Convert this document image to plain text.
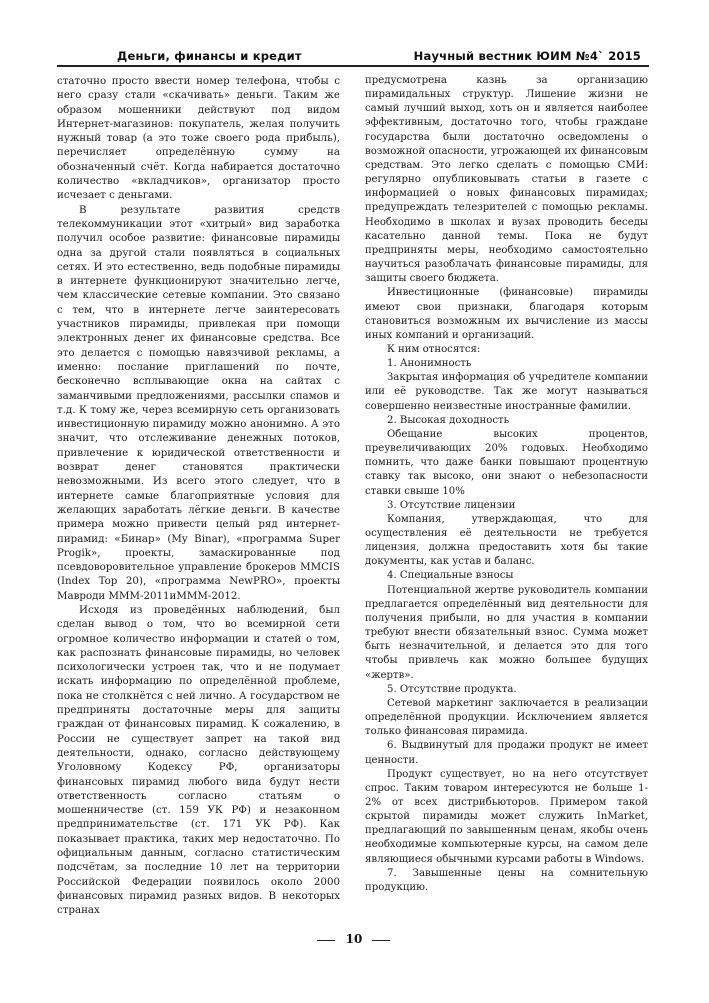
Деньги, финансы и кредит	Научный вестник ЮИМ №4` 2015

статочно просто ввести номер телефона, чтобы с него сразу стали «скачивать» деньги. Таким же образом мошенники действуют под видом Интернет-магазинов: покупатель, желая получить нужный товар (а это тоже своего рода прибыль), перечисляет определённую сумму на обозначенный счёт. Когда набирается достаточно количество «вкладчиков», организатор просто исчезает с деньгами.

В результате развития средств телекоммуникации этот «хитрый» вид заработка получил особое развитие: финансовые пирамиды одна за другой стали появляться в социальных сетях. И это естественно, ведь подобные пирамиды в интернете функционируют значительно легче, чем классические сетевые компании. Это связано с тем, что в интернете легче заинтересовать участников пирамиды, привлекая при помощи электронных денег их финансовые средства. Все это делается с помощью навязчивой рекламы, а именно: послание приглашений по почте, бесконечно всплывающие окна на сайтах с заманчивыми предложениями, рассылки спамов и т.д. К тому же, через всемирную сеть организовать инвестиционную пирамиду можно анонимно. А это значит, что отслеживание денежных потоков, привлечение к юридической ответственности и возврат денег становятся практически невозможными. Из всего этого следует, что в интернете самые благоприятные условия для желающих заработать лёгкие деньги. В качестве примера можно привести целый ряд интернет-пирамид: «Бинар» (My Binar), «программа Super Progik», проекты, замаскированные под псевдоворовительное управление брокеров MMCIS (Index Top 20), «программа NewPRO», проекты Мавроди МММ-2011иМММ-2012.

Исходя из проведённых наблюдений, был сделан вывод о том, что во всемирной сети огромное количество информации и статей о том, как распознать финансовые пирамиды, но человек психологически устроен так, что и не подумает искать информацию по определённой проблеме, пока не столкнётся с ней лично. А государством не предприняты достаточные меры для защиты граждан от финансовых пирамид. К сожалению, в России не существует запрет на такой вид деятельности, однако, согласно действующему Уголовному Кодексу РФ, организаторы финансовых пирамид любого вида будут нести ответственность согласно статьям о мошенничестве (ст. 159 УК РФ) и незаконном предпринимательстве (ст. 171 УК РФ). Как показывает практика, таких мер недостаточно. По официальным данным, согласно статистическим подсчётам, за последние 10 лет на территории Российской Федерации появилось около 2000 финансовых пирамид разных видов. В некоторых странах

предусмотрена казнь за организацию пирамидальных структур. Лишение жизни не самый лучший выход, хоть он и является наиболее эффективным, достаточно того, чтобы граждане государства были достаточно осведомлены о возможной опасности, угрожающей их финансовым средствам. Это легко сделать с помощью СМИ: регулярно опубликовывать статьи в газете с информацией о новых финансовых пирамидах; предупреждать телезрителей с помощью рекламы. Необходимо в школах и вузах проводить беседы касательно данной темы. Пока не будут предприняты меры, необходимо самостоятельно научиться разоблачать финансовые пирамиды, для защиты своего бюджета.

Инвестиционные (финансовые) пирамиды имеют свои признаки, благодаря которым становиться возможным их вычисление из массы иных компаний и организаций.

К ним относятся:

1. Анонимность

Закрытая информация об учредителе компании или её руководстве. Так же могут называться совершенно неизвестные иностранные фамилии.

2. Высокая доходность

Обещание высоких процентов, преувеличивающих 20% годовых. Необходимо помнить, что даже банки повышают процентную ставку так высоко, они знают о небезопасности ставки свыше 10%

3. Отсутствие лицензии

Компания, утверждающая, что для осуществления её деятельности не требуется лицензия, должна предоставить хотя бы такие документы, как устав и баланс.

4. Специальные взносы

Потенциальной жертве руководитель компании предлагается определённый вид деятельности для получения прибыли, но для участия в компании требуют внести обязательный взнос. Сумма может быть незначительной, и делается это для того чтобы привлечь как можно большее будущих «жертв».

5. Отсутствие продукта.

Сетевой маркетинг заключается в реализации определённой продукции. Исключением является только финансовая пирамида.

6. Выдвинутый для продажи продукт не имеет ценности.

Продукт существует, но на него отсутствует спрос. Таким товаром интересуются не больше 1-2% от всех дистрибьюторов. Примером такой скрытой пирамиды может служить InMarket, предлагающий по завышенным ценам, якобы очень необходимые компьютерные курсы, на самом деле являющиеся обычными курсами работы в Windows.

7. Завышенные цены на сомнительную продукцию.

10
